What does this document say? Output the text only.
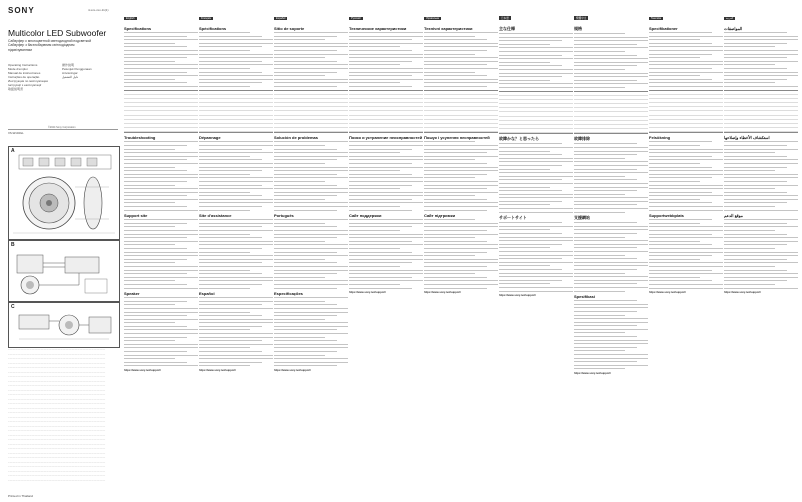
SONY	4-xxx-xxx-11(1)
Multicolor LED Subwoofer
Сабвуфер с многоцветной светодиодной подсветкой
Сабвуфер з багатобарвним світлодіодним
підсвічуванням
Operating Instructions
Mode d’emploi
Manual de instrucciones
Instruções de operação
Инструкция по эксплуатации
Інструкції з експлуатації
取扱説明書
操作說明
Petunjuk Penggunaan
Anvisningar
دليل التشغيل
©2024 Sony Corporation
XS-W104GL
A
B
C
................................................................................................................................................................
................................................................................................................................................................
................................................................................................................................................................
................................................................................................................................................................
................................................................................................................................................................
................................................................................................................................................................
................................................................................................................................................................
................................................................................................................................................................
................................................................................................................................................................
................................................................................................................................................................
................................................................................................................................................................
................................................................................................................................................................
................................................................................................................................................................
................................................................................................................................................................
................................................................................................................................................................
................................................................................................................................................................
................................................................................................................................................................
................................................................................................................................................................
................................................................................................................................................................
................................................................................................................................................................
................................................................................................................................................................
................................................................................................................................................................
................................................................................................................................................................
................................................................................................................................................................
................................................................................................................................................................
................................................................................................................................................................
................................................................................................................................................................
................................................................................................................................................................
................................................................................................................................................................
................................................................................................................................................................
Printed in Thailand
English
Specifications
Troubleshooting
Support site
Speaker
https://www.sony.net/support/
Français
Spécifications
Dépannage
Site d’assistance
Español
https://www.sony.net/support/
Español
Sitio de soporte
Solución de problemas
Português
Especificações
https://www.sony.net/support/
Русский
Технические характеристики
Поиск и устранение неисправностей
Сайт поддержки
https://www.sony.net/support/
Українська
Технічні характеристики
Пошук і усунення несправностей
Сайт підтримки
https://www.sony.net/support/
日本語
主な仕様
故障かな？と思ったら
サポートサイト
https://www.sony.net/support/
繁體中文
規格
故障排除
支援網站
Spesifikasi
https://www.sony.net/support/
Svenska
Specifikationer
Felsökning
Supportwebbplats
https://www.sony.net/support/
العربية
المواصفات
استكشاف الأخطاء وإصلاحها
موقع الدعم
https://www.sony.net/support/
